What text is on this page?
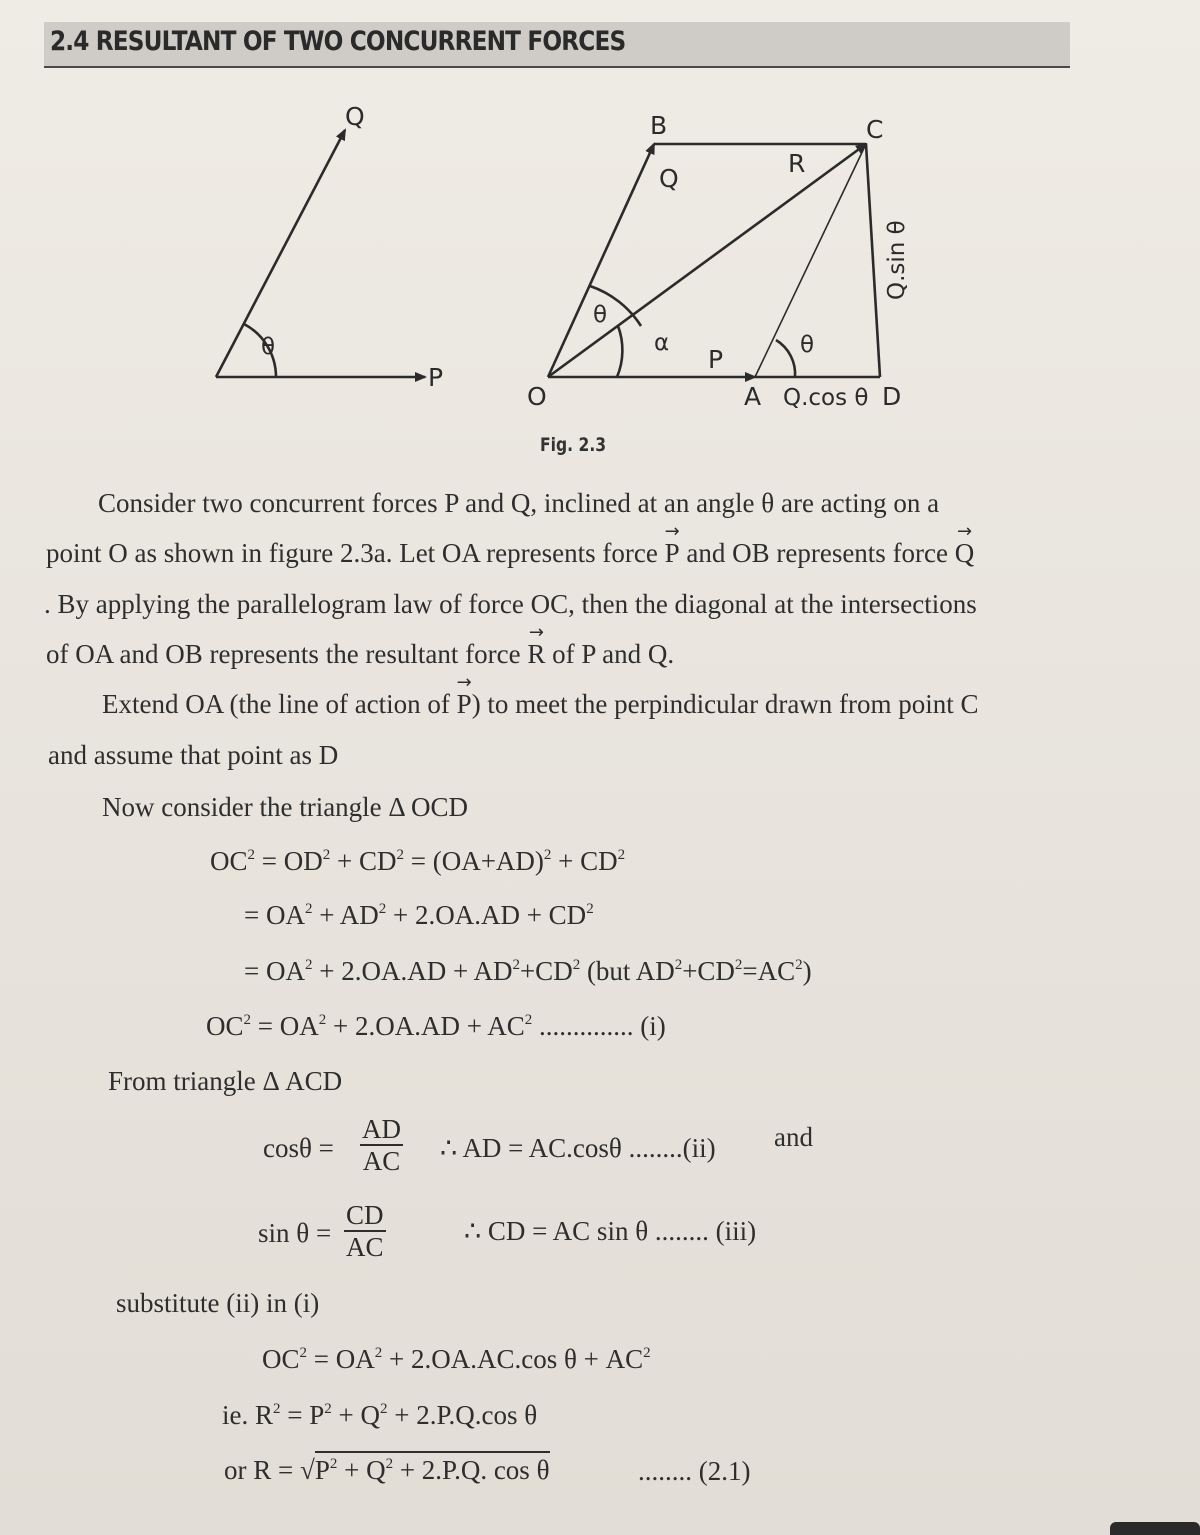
2.4 RESULTANT OF TWO CONCURRENT FORCES
Q
P
θ
O	A
B	C
D
P
Q
R
θ
α	θ
Q.cos θ
Q.sin θ
Fig. 2.3
Consider two concurrent forces P and Q, inclined at an angle θ are acting on a
point O as shown in figure 2.3a. Let OA represents force → P and OB represents force → Q
. By applying the parallelogram law of force OC, then the diagonal at the intersections
of OA and OB represents the resultant force → R of P and Q.
Extend OA (the line of action of → P) to meet the perpindicular drawn from point C
and assume that point as D
Now consider the triangle Δ OCD
$OC^2 = OD^2 + CD^2 = (OA+AD)^2 + CD^2$
= $OA^2 + AD^2 + 2.OA.AD + CD^2$
= $OA^2 + 2.OA.AD + AD^2+CD^2$ (but $AD^2+CD^2=AC^2$)
$OC^2 = OA^2 + 2.OA.AD + AC^2$ .............. (i)
From triangle Δ ACD
$\cos\theta = \frac{AD}{AC}$ ∴ AD = AC.cosθ ........(ii) and
$\sin \theta = \frac{CD}{AC}$	∴ CD = AC sin θ ........ (iii)
substitute (ii) in (i)
$OC^2 = OA^2 + 2.OA.AC.\cos$ $\theta + AC^2$
ie. $R^2 = P^2 + Q^2 + 2.P.Q.\cos$ θ
or $R = √P^2 + Q^2 + 2.P.Q$. cos θ	........ (2.1)
